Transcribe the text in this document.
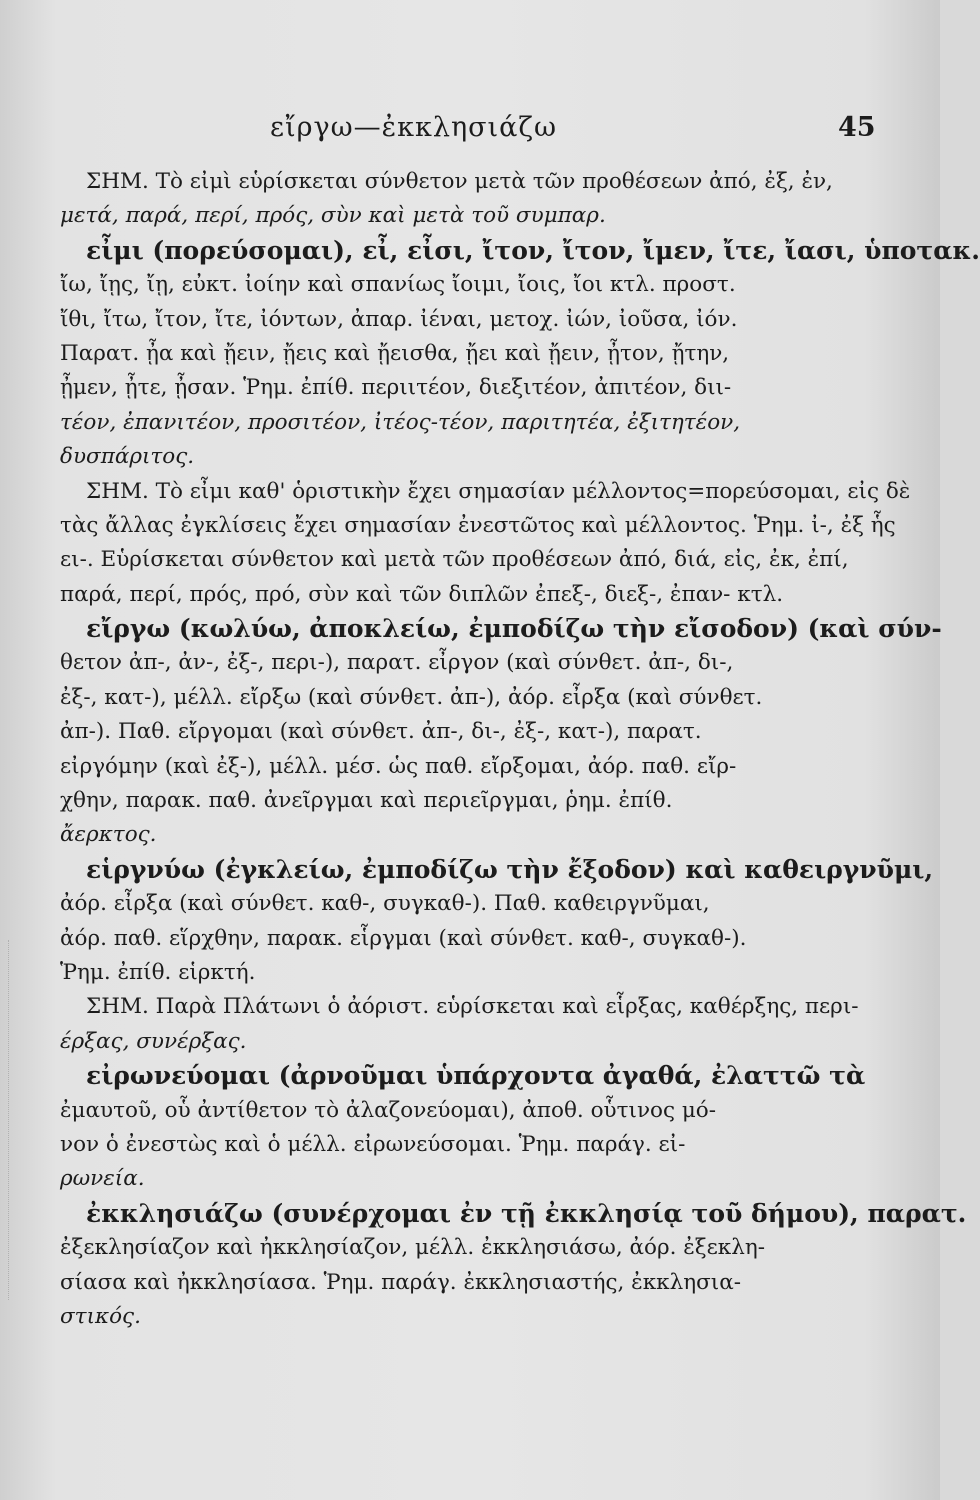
εἴργω—ἐκκλησιάζω	45
ΣΗΜ. Τὸ εἰμὶ εὑρίσκεται σύνθετον μετὰ τῶν προθέσεων ἀπό, ἐξ, ἐν,
μετά, παρά, περί, πρός, σὺν καὶ μετὰ τοῦ συμπαρ.
εἶμι (πορεύσομαι), εἶ, εἶσι, ἴτον, ἴτον, ἴμεν, ἴτε, ἴασι, ὑποτακ.
ἴω, ἴῃς, ἴῃ, εὐκτ. ἰοίην καὶ σπανίως ἴοιμι, ἴοις, ἴοι κτλ. προστ.
ἴθι, ἴτω, ἴτον, ἴτε, ἰόντων, ἀπαρ. ἰέναι, μετοχ. ἰών, ἰοῦσα, ἰόν.
Παρατ. ᾖα καὶ ᾔειν, ᾔεις καὶ ᾔεισθα, ᾔει καὶ ᾔειν, ᾖτον, ᾔτην,
ᾖμεν, ᾖτε, ᾖσαν. Ῥημ. ἐπίθ. περιιτέον, διεξιτέον, ἀπιτέον, διι-
τέον, ἐπανιτέον, προσιτέον, ἰτέος-τέον, παριτητέα, ἐξιτητέον,
δυσπάριτος.
ΣΗΜ. Τὸ εἶμι καθ' ὁριστικὴν ἔχει σημασίαν μέλλοντος=πορεύσομαι, εἰς δὲ
τὰς ἄλλας ἐγκλίσεις ἔχει σημασίαν ἐνεστῶτος καὶ μέλλοντος. Ῥημ. ἰ-, ἐξ ἧς
ει-. Εὑρίσκεται σύνθετον καὶ μετὰ τῶν προθέσεων ἀπό, διά, εἰς, ἐκ, ἐπί,
παρά, περί, πρός, πρό, σὺν καὶ τῶν διπλῶν ἐπεξ-, διεξ-, ἐπαν- κτλ.
εἴργω (κωλύω, ἀποκλείω, ἐμποδίζω τὴν εἴσοδον) (καὶ σύν-
θετον ἀπ-, ἀν-, ἐξ-, περι-), παρατ. εἶργον (καὶ σύνθετ. ἀπ-, δι-,
ἐξ-, κατ-), μέλλ. εἴρξω (καὶ σύνθετ. ἀπ-), ἀόρ. εἶρξα (καὶ σύνθετ.
ἀπ-). Παθ. εἴργομαι (καὶ σύνθετ. ἀπ-, δι-, ἐξ-, κατ-), παρατ.
εἰργόμην (καὶ ἐξ-), μέλλ. μέσ. ὡς παθ. εἴρξομαι, ἀόρ. παθ. εἴρ-
χθην, παρακ. παθ. ἀνεῖργμαι καὶ περιεῖργμαι, ῥημ. ἐπίθ.
ἄερκτος.
εἱργνύω (ἐγκλείω, ἐμποδίζω τὴν ἔξοδον) καὶ καθειργνῦμι,
ἀόρ. εἶρξα (καὶ σύνθετ. καθ-, συγκαθ-). Παθ. καθειργνῦμαι,
ἀόρ. παθ. εἵρχθην, παρακ. εἷργμαι (καὶ σύνθετ. καθ-, συγκαθ-).
Ῥημ. ἐπίθ. εἱρκτή.
ΣΗΜ. Παρὰ Πλάτωνι ὁ ἀόριστ. εὑρίσκεται καὶ εἷρξας, καθέρξης, περι-
έρξας, συνέρξας.
εἰρωνεύομαι (ἀρνοῦμαι ὑπάρχοντα ἀγαθά, ἐλαττῶ τὰ
ἐμαυτοῦ, οὗ ἀντίθετον τὸ ἀλαζονεύομαι), ἀποθ. οὗτινος μό-
νον ὁ ἐνεστὼς καὶ ὁ μέλλ. εἰρωνεύσομαι. Ῥημ. παράγ. εἰ-
ρωνεία.
ἐκκλησιάζω (συνέρχομαι ἐν τῇ ἐκκλησίᾳ τοῦ δήμου), παρατ.
ἐξεκλησίαζον καὶ ἠκκλησίαζον, μέλλ. ἐκκλησιάσω, ἀόρ. ἐξεκλη-
σίασα καὶ ἠκκλησίασα. Ῥημ. παράγ. ἐκκλησιαστής, ἐκκλησια-
στικός.
